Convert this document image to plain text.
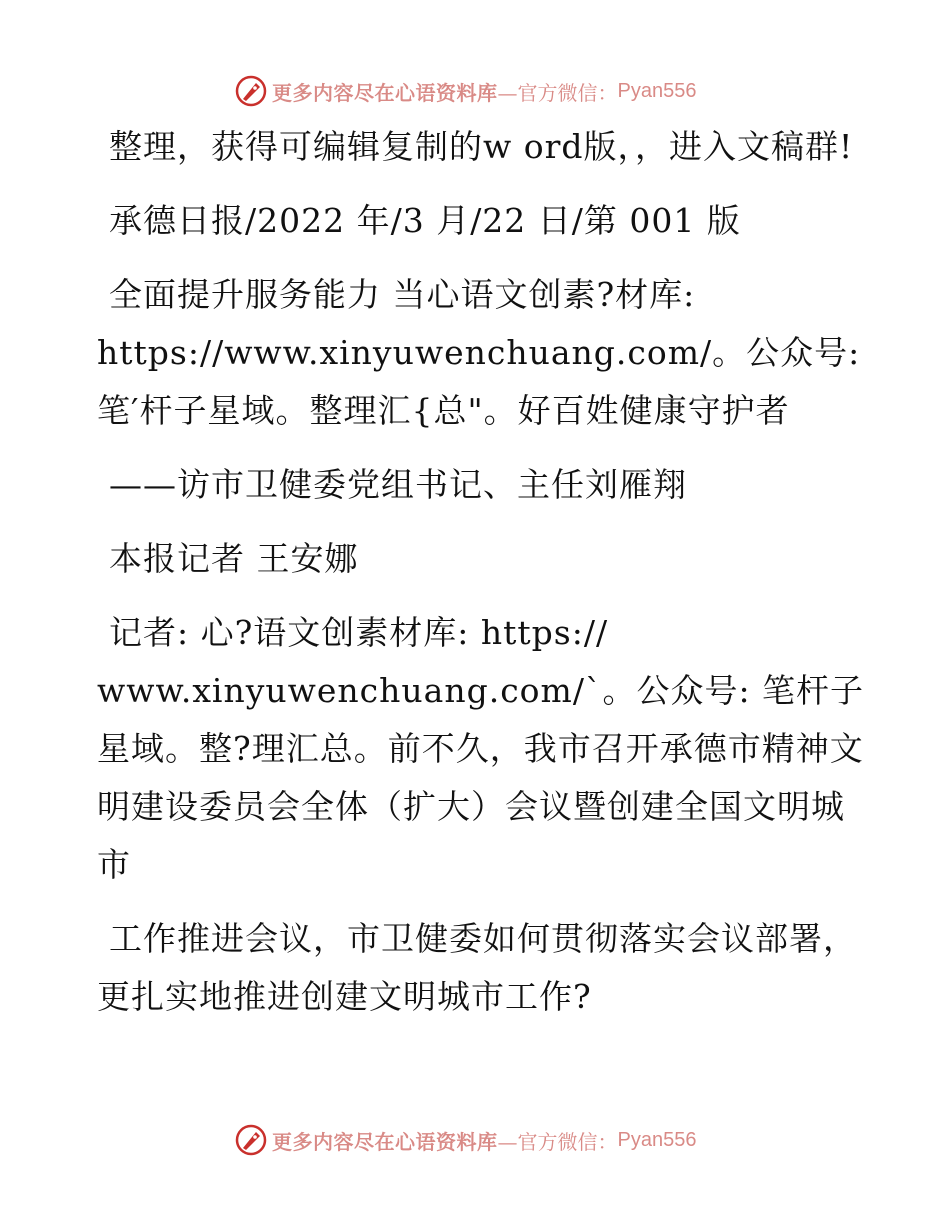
更多内容尽在心语资料库 —官方微信： Pyan556

整理，获得可编辑复制的w ord版，，进入文稿群!

承德日报/2022 年/3 月/22 日/第 001 版

全面提升服务能力 当心语文创素?材库:
https://www.xinyuwenchuang.com/。公众号:
笔′杆子星域。整理汇{总"。好百姓健康守护者

——访市卫健委党组书记、主任刘雁翔

本报记者 王安娜

记者: 心?语文创素材库: https://
www.xinyuwenchuang.com/`。公众号: 笔杆子星域。整?理汇总。前不久，我市召开承德市精神文明建设委员会全体（扩大）会议暨创建全国文明城市

工作推进会议，市卫健委如何贯彻落实会议部署，更扎实地推进创建文明城市工作?

更多内容尽在心语资料库 —官方微信： Pyan556
